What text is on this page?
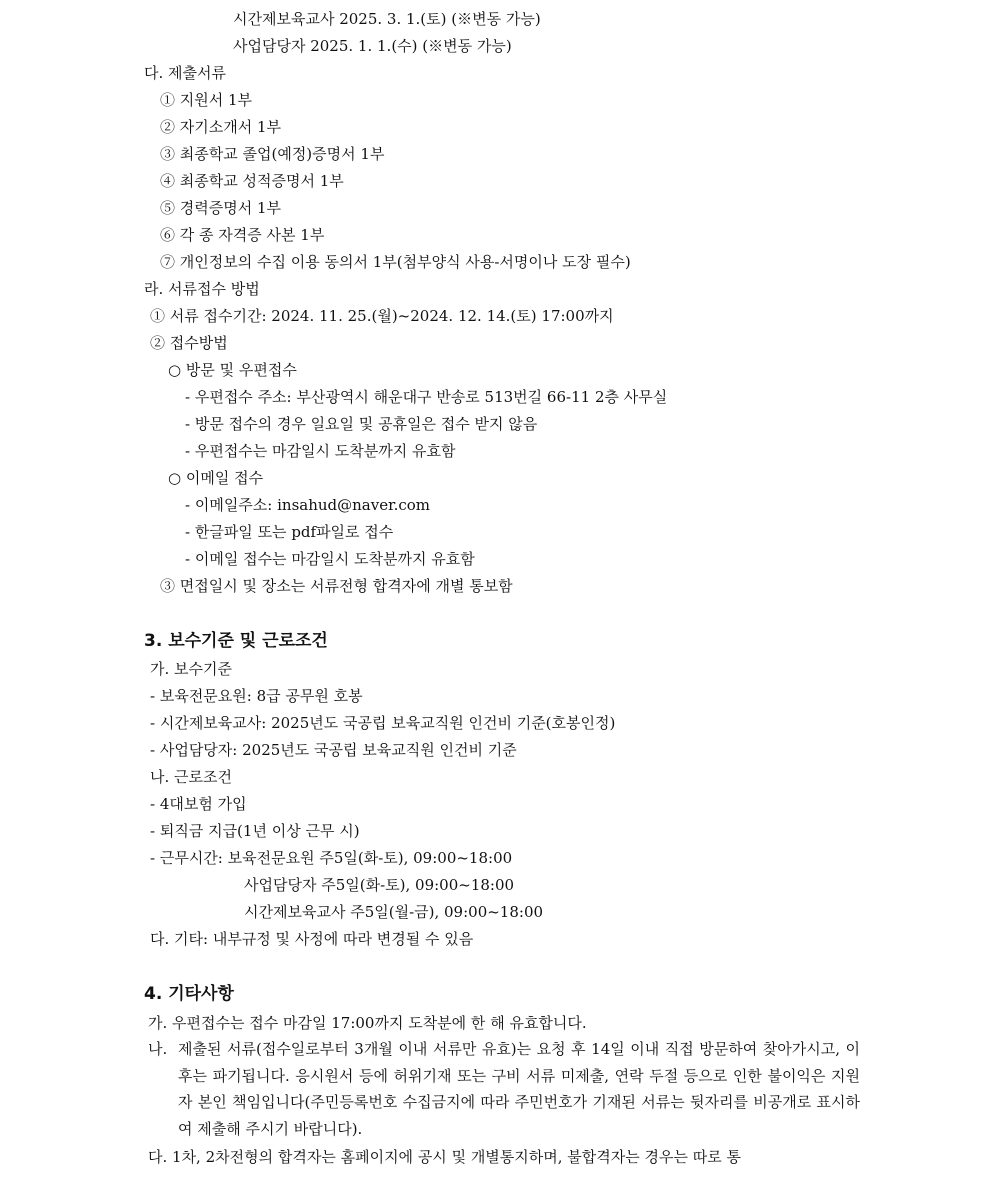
시간제보육교사 2025. 3. 1.(토) (※변동 가능)
사업담당자 2025. 1. 1.(수) (※변동 가능)
다. 제출서류
① 지원서 1부
② 자기소개서 1부
③ 최종학교 졸업(예정)증명서 1부
④ 최종학교 성적증명서 1부
⑤ 경력증명서 1부
⑥ 각 종 자격증 사본 1부
⑦ 개인정보의 수집 이용 동의서 1부(첨부양식 사용-서명이나 도장 필수)
라. 서류접수 방법
① 서류 접수기간: 2024. 11. 25.(월)~2024. 12. 14.(토) 17:00까지
② 접수방법
○ 방문 및 우편접수
- 우편접수 주소: 부산광역시 해운대구 반송로 513번길 66-11 2층 사무실
- 방문 접수의 경우 일요일 및 공휴일은 접수 받지 않음
- 우편접수는 마감일시 도착분까지 유효함
○ 이메일 접수
- 이메일주소: insahud@naver.com
- 한글파일 또는 pdf파일로 접수
- 이메일 접수는 마감일시 도착분까지 유효함
③ 면접일시 및 장소는 서류전형 합격자에 개별 통보함
3. 보수기준 및 근로조건
가. 보수기준
- 보육전문요원: 8급 공무원 호봉
- 시간제보육교사: 2025년도 국공립 보육교직원 인건비 기준(호봉인정)
- 사업담당자: 2025년도 국공립 보육교직원 인건비 기준
나. 근로조건
- 4대보험 가입
- 퇴직금 지급(1년 이상 근무 시)
- 근무시간: 보육전문요원 주5일(화-토), 09:00~18:00
사업담당자 주5일(화-토), 09:00~18:00
시간제보육교사 주5일(월-금), 09:00~18:00
다. 기타: 내부규정 및 사정에 따라 변경될 수 있음
4. 기타사항
가. 우편접수는 접수 마감일 17:00까지 도착분에 한 해 유효합니다.
나. 제출된 서류(접수일로부터 3개월 이내 서류만 유효)는 요청 후 14일 이내 직접 방문하여 찾아가시고, 이후는 파기됩니다. 응시원서 등에 허위기재 또는 구비 서류 미제출, 연락 두절 등으로 인한 불이익은 지원자 본인 책임입니다(주민등록번호 수집금지에 따라 주민번호가 기재된 서류는 뒷자리를 비공개로 표시하여 제출해 주시기 바랍니다).
다. 1차, 2차전형의 합격자는 홈페이지에 공시 및 개별통지하며, 불합격자는 경우는 따로 통
